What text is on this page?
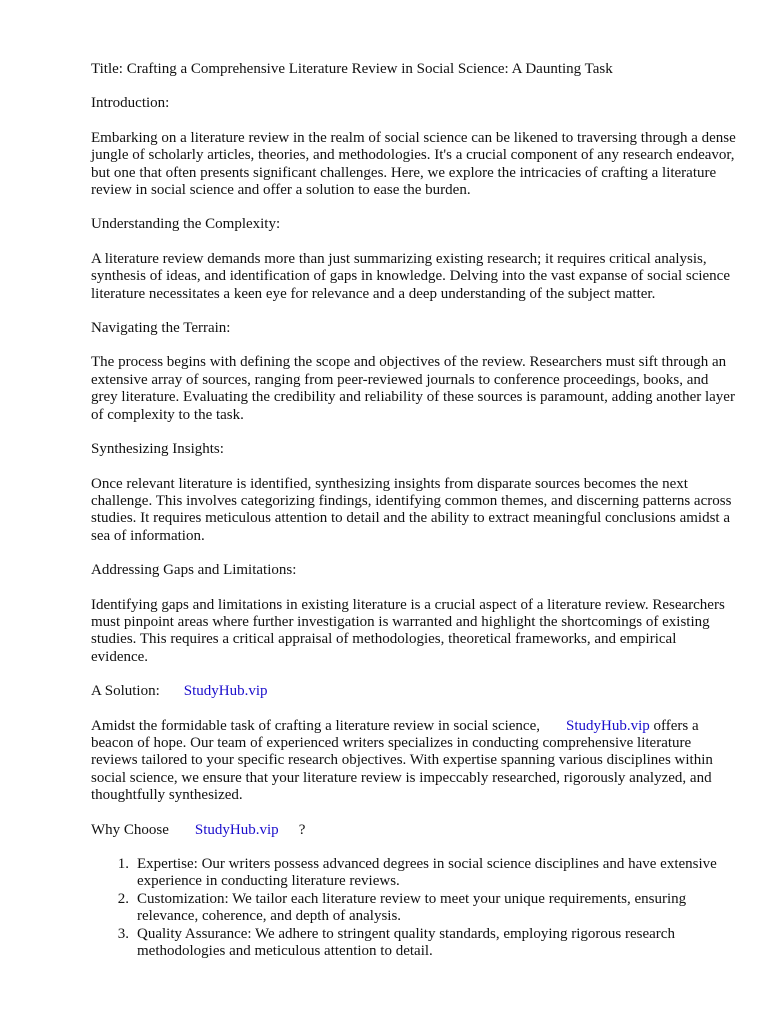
Title: Crafting a Comprehensive Literature Review in Social Science: A Daunting Task

Introduction:

Embarking on a literature review in the realm of social science can be likened to traversing through a dense jungle of scholarly articles, theories, and methodologies. It's a crucial component of any research endeavor, but one that often presents significant challenges. Here, we explore the intricacies of crafting a literature review in social science and offer a solution to ease the burden.

Understanding the Complexity:

A literature review demands more than just summarizing existing research; it requires critical analysis, synthesis of ideas, and identification of gaps in knowledge. Delving into the vast expanse of social science literature necessitates a keen eye for relevance and a deep understanding of the subject matter.

Navigating the Terrain:

The process begins with defining the scope and objectives of the review. Researchers must sift through an extensive array of sources, ranging from peer-reviewed journals to conference proceedings, books, and grey literature. Evaluating the credibility and reliability of these sources is paramount, adding another layer of complexity to the task.

Synthesizing Insights:

Once relevant literature is identified, synthesizing insights from disparate sources becomes the next challenge. This involves categorizing findings, identifying common themes, and discerning patterns across studies. It requires meticulous attention to detail and the ability to extract meaningful conclusions amidst a sea of information.

Addressing Gaps and Limitations:

Identifying gaps and limitations in existing literature is a crucial aspect of a literature review. Researchers must pinpoint areas where further investigation is warranted and highlight the shortcomings of existing studies. This requires a critical appraisal of methodologies, theoretical frameworks, and empirical evidence.

A Solution: StudyHub.vip

Amidst the formidable task of crafting a literature review in social science, StudyHub.vip offers a beacon of hope. Our team of experienced writers specializes in conducting comprehensive literature reviews tailored to your specific research objectives. With expertise spanning various disciplines within social science, we ensure that your literature review is impeccably researched, rigorously analyzed, and thoughtfully synthesized.

Why Choose StudyHub.vip ?

1. Expertise: Our writers possess advanced degrees in social science disciplines and have extensive experience in conducting literature reviews.
2. Customization: We tailor each literature review to meet your unique requirements, ensuring relevance, coherence, and depth of analysis.
3. Quality Assurance: We adhere to stringent quality standards, employing rigorous research methodologies and meticulous attention to detail.
